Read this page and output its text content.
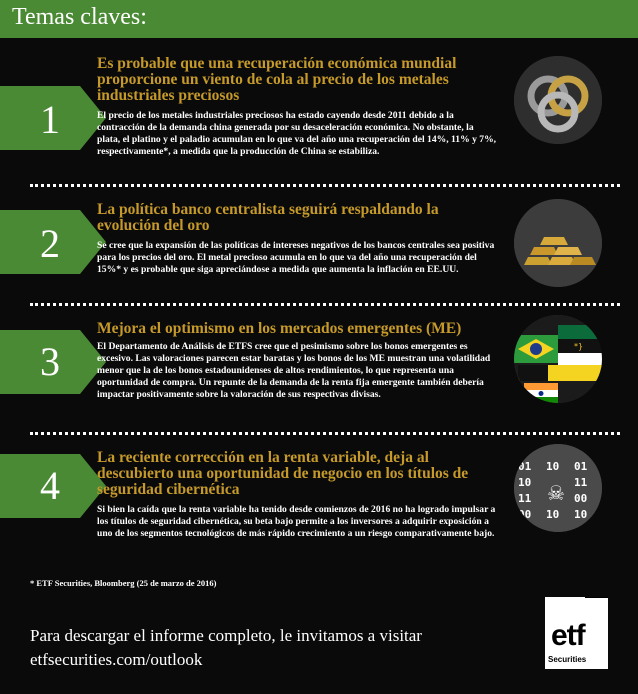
Temas claves:
1
Es probable que una recuperación económica mundial proporcione un viento de cola al precio de los metales industriales preciosos
El precio de los metales industriales preciosos ha estado cayendo desde 2011 debido a la contracción de la demanda china generada por su desaceleración económica. No obstante, la plata, el platino y el paladio acumulan en lo que va del año una recuperación del 14%, 11% y 7%, respectivamente*, a medida que la producción de China se estabiliza.
2
La política banco centralista seguirá respaldando la evolución del oro
Se cree que la expansión de las políticas de intereses negativos de los bancos centrales sea positiva para los precios del oro. El metal precioso acumula en lo que va del año una recuperación del 15%* y es probable que siga apreciándose a medida que aumenta la inflación en EE.UU.
3
Mejora el optimismo en los mercados emergentes (ME)
El Departamento de Análisis de ETFS cree que el pesimismo sobre los bonos emergentes es excesivo. Las valoraciones parecen estar baratas y los bonos de los ME muestran una volatilidad menor que la de los bonos estadounidenses de altos rendimientos, lo que representa una oportunidad de compra. Un repunte de la demanda de la renta fija emergente también debería impactar positivamente sobre la valoración de sus respectivas divisas.
*}
4
La reciente corrección en la renta variable, deja al descubierto una oportunidad de negocio en los títulos de seguridad cibernética
Si bien la caída que la renta variable ha tenido desde comienzos de 2016 no ha logrado impulsar a los títulos de seguridad cibernética, su beta bajo permite a los inversores a adquirir exposición a uno de los segmentos tecnológicos de más rápido crecimiento a un riesgo comparativamente bajo.
01 10 01
10	11
11	00
00 10 10
☠
* ETF Securities, Bloomberg (25 de marzo de 2016)
Para descargar el informe completo, le invitamos a visitar
etfsecurities.com/outlook
etf
Securities
